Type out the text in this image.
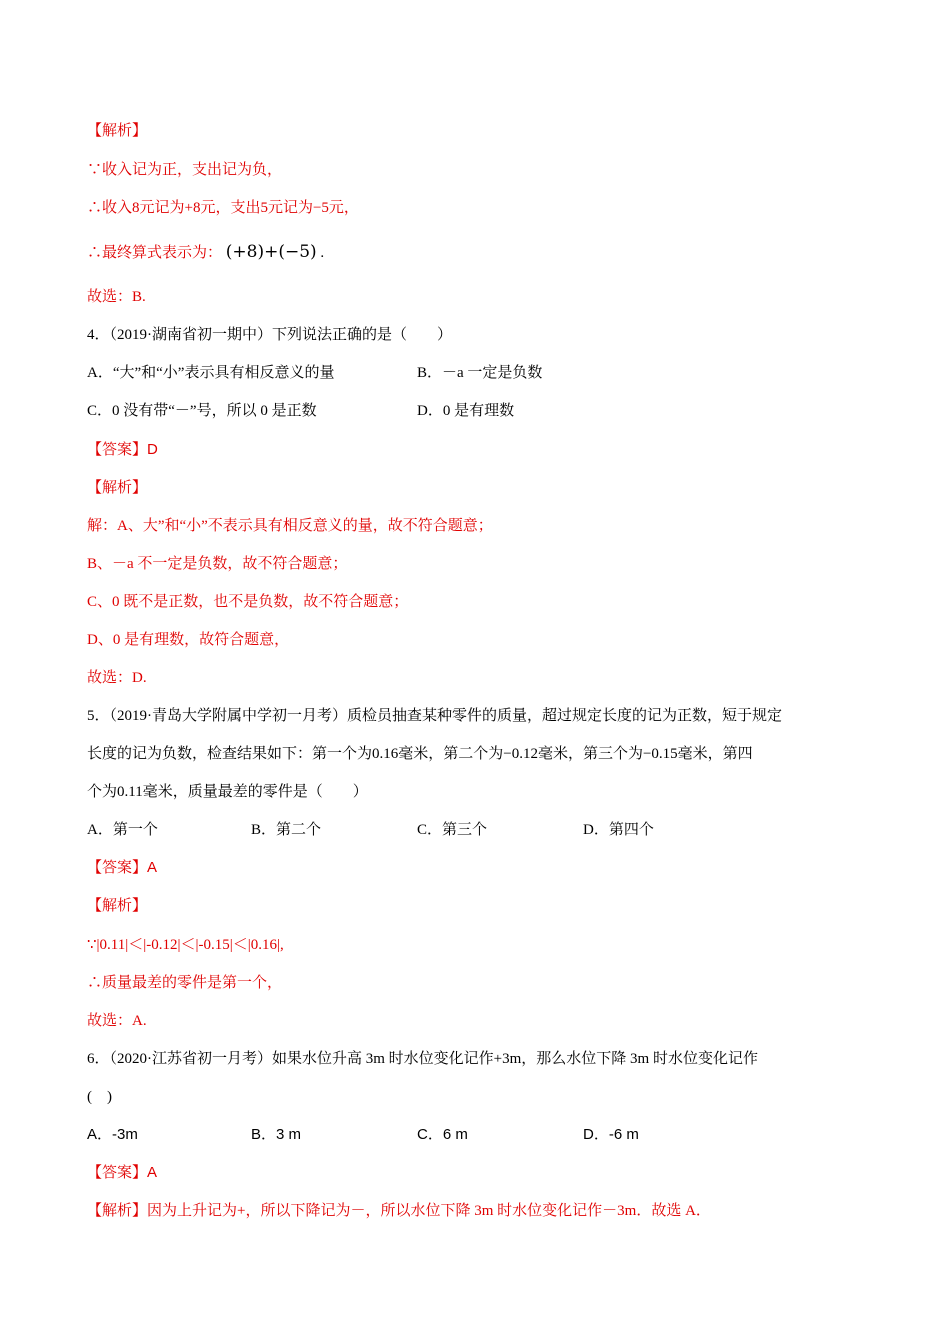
【解析】
∵收入记为正，支出记为负，
∴收入8元记为+8元，支出5元记为−5元，
∴最终算式表示为： (+8)+(−5) .
故选：B.
4．（2019·湖南省初一期中）下列说法正确的是（　　）
A．“大”和“小”表示具有相反意义的量	B．－a 一定是负数
C．0 没有带“－”号，所以 0 是正数	D．0 是有理数
【答案】D
【解析】
解：A、大”和“小”不表示具有相反意义的量，故不符合题意；
B、－a 不一定是负数，故不符合题意；
C、0 既不是正数，也不是负数，故不符合题意；
D、0 是有理数，故符合题意，
故选：D.
5．（2019·青岛大学附属中学初一月考）质检员抽查某种零件的质量，超过规定长度的记为正数，短于规定
长度的记为负数，检查结果如下：第一个为0.16毫米，第二个为−0.12毫米，第三个为−0.15毫米，第四
个为0.11毫米，质量最差的零件是（　　）
A．第一个	B．第二个	C．第三个	D．第四个
【答案】A
【解析】
∵|0.11|＜|-0.12|＜|-0.15|＜|0.16|,
∴质量最差的零件是第一个，
故选：A.
6．（2020·江苏省初一月考）如果水位升高 3m 时水位变化记作+3m，那么水位下降 3m 时水位变化记作
(　)
A．-3m	B．3 m	C．6 m	D．-6 m
【答案】A
【解析】因为上升记为+，所以下降记为－，所以水位下降 3m 时水位变化记作－3m．故选 A．
